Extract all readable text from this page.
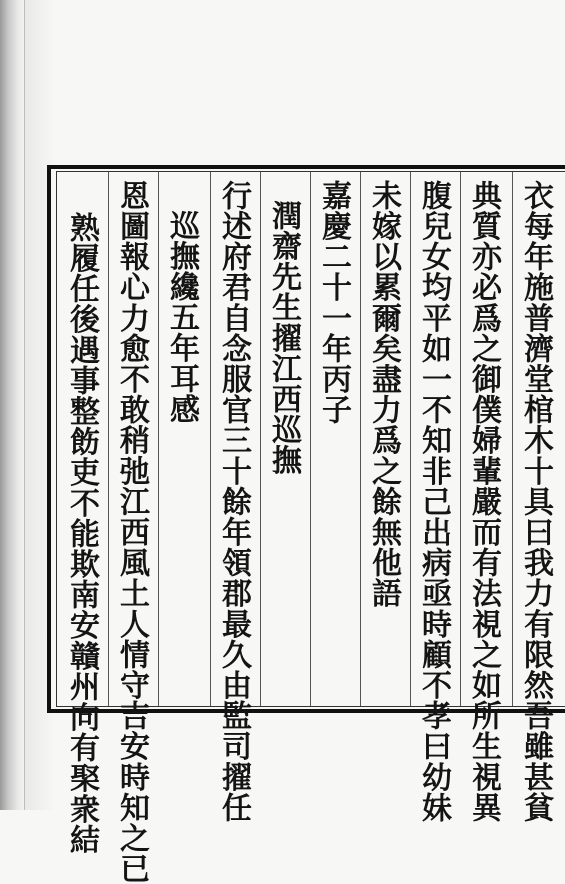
衣每年施普濟堂棺木十具曰我力有限然吾雖甚貧
典質亦必爲之御僕婦輩嚴而有法視之如所生視異
腹兒女均平如一不知非己出病亟時顧不孝曰幼妹
未嫁以累爾矣盡力爲之餘無他語
嘉慶二十一年丙子
潤齋先生擢江西巡撫
行述府君自念服官三十餘年領郡最久由監司擢任
巡撫纔五年耳感
恩圖報心力愈不敢稍弛江西風土人情守吉安時知之已
熟履任後遇事整飭吏不能欺南安贛州向有棸衆結
